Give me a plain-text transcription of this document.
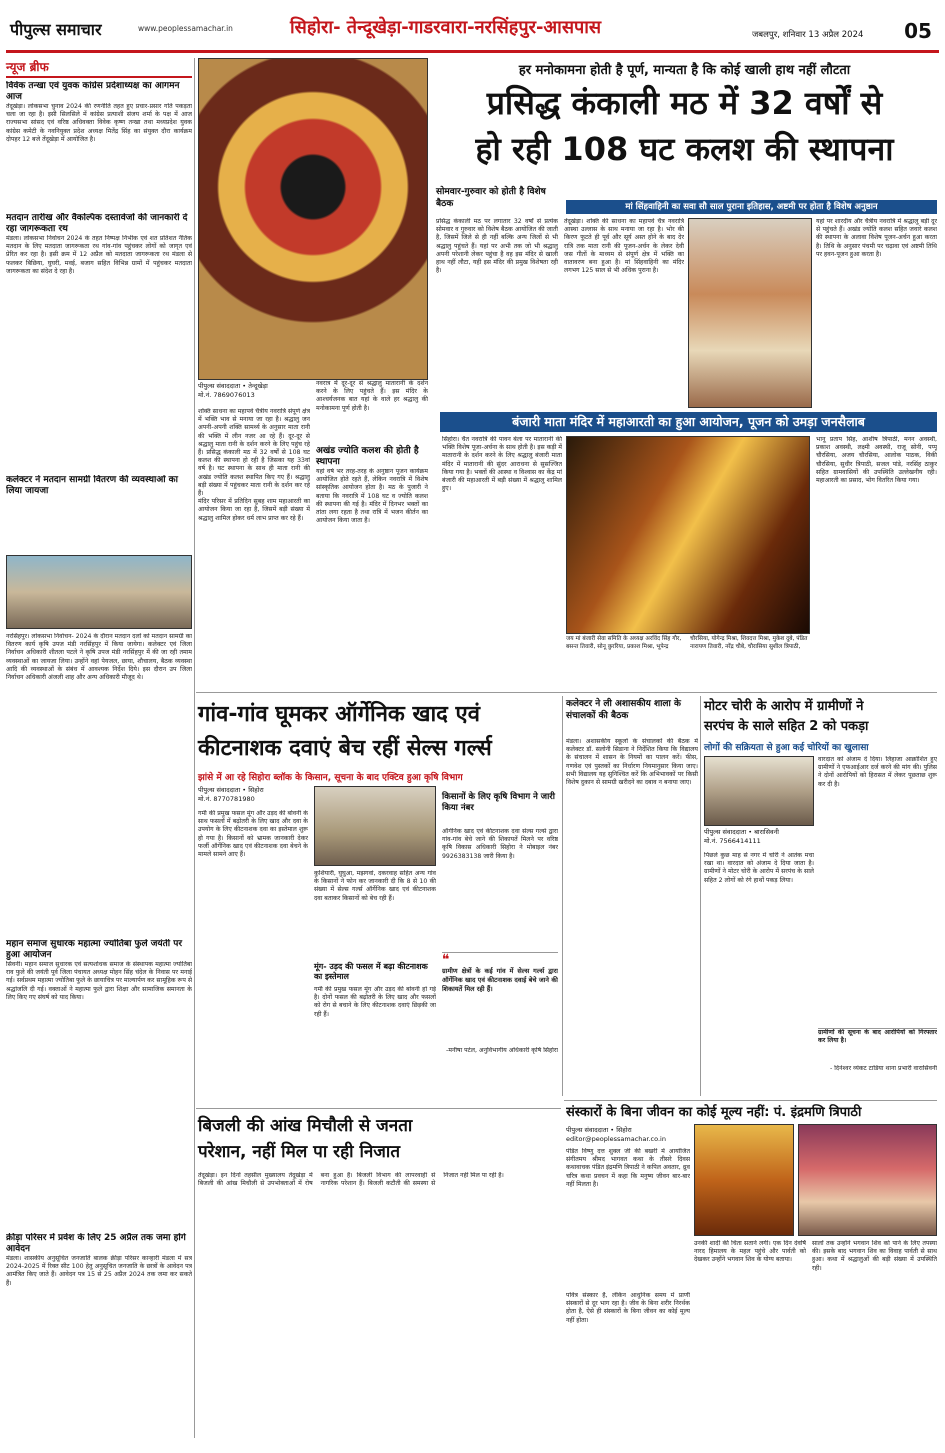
पीपुल्स समाचार	www.peoplessamachar.in	सिहोरा- तेन्दूखेड़ा-गाडरवारा-नरसिंहपुर-आसपास	जबलपुर, शनिवार 13 अप्रैल 2024 05
न्यूज ब्रीफ
विवेक तन्खा एवं युवक कांग्रेस प्रदेशाध्यक्ष का आगमन आज

तेंदूखेड़ा। लोकसभा चुनाव 2024 की रणनीति तहत हुए प्रचार-प्रसार गति पकड़ता चला जा रहा है। इसी सिलसिले में कांग्रेस प्रत्याशी संजय शर्मा के पक्ष में आज राज्यसभा सांसद एवं वरिष्ठ अधिवक्ता विवेक कृष्ण तन्खा तथा मध्यप्रदेश युवक कांग्रेस कमेटी के नवनियुक्त प्रदेश अध्यक्ष मितेंद्र सिंह का संयुक्त दौरा कार्यक्रम दोपहर 12 बजे तेंदूखेड़ा में आयोजित है।

मतदान तारीख और वैकल्पिक दस्तावेजों की जानकारी दे रहा जागरूकता रथ

मंडला। लोकसभा निर्वाचन 2024 के तहत निष्पक्ष निर्भीक एवं शत प्रतिशत नैतिक मतदान के लिए मतदाता जागरूकता रथ गांव-गांव पहुंचकर लोगों को जागृत एवं प्रेरित कर रहा है। इसी क्रम में 12 अप्रैल को मतदाता जागरूकता रथ मंडला से फलकर बिछिया, घुघरी, मवई, बजाग सहित विभिन्न ग्रामों में पहुंचकर मतदाता जागरूकता का संदेश दे रहा है।

कलेक्टर ने मतदान सामग्री वितरण की व्यवस्थाओं का लिया जायजा

नरसिंहपुर। लोकसभा निर्वाचन- 2024 के दौरान मतदान दलों को मतदान सामग्री का वितरण कार्य कृषि उपज मंडी नरसिंहपुर में किया जायेगा। कलेक्टर एवं जिला निर्वाचन अधिकारी शीतला पटले ने कृषि उपज मंडी नरसिंहपुर में की जा रही तमाम व्यवस्थाओं का जायजा लिया। उन्होंने वहां पेयजल, छाया, शौचालय, बैठक व्यवस्था आदि की व्यवस्थाओं के संबंध में आवश्यक निर्देश दिये। इस दौरान उप जिला निर्वाचन अधिकारी अंजली शाह और अन्य अधिकारी मौजूद थे।

महान समाज सुधारक महात्मा ज्योतिबा फुले जयंती पर हुआ आयोजन

सिवनी। महान समाज सुधारक एवं सत्यशोधक समाज के संस्थापक महात्मा ज्योतिबा राव फुले की जयंती पूर्व जिला पंचायत अध्यक्ष मोहन सिंह चंदेल के निवास पर मनाई गई। सर्वप्रथम महात्मा ज्योतिबा फुले के छायाचित्र पर माल्यार्पण कर सामूहिक रूप से श्रद्धांजलि दी गई। वक्ताओं ने महात्मा फुले द्वारा शिक्षा और सामाजिक समानता के लिए किए गए संघर्ष को याद किया।

क्रीड़ा परिसर में प्रवेश के लिए 25 अप्रैल तक जमा होंगे आवेदन

मंडला। शासकीय अनुसूचित जनजाति बालक क्रीड़ा परिसर कान्हारी मंडला में सत्र 2024-2025 में रिक्त सीट 100 हेतु अनुसूचित जनजाति के छात्रों के आवेदन पत्र आमंत्रित किए जाते हैं। आवेदन पत्र 15 से 25 अप्रैल 2024 तक जमा कर सकते हैं।

पीपुल्स संवाददाता • तेन्दूखेड़ा
मो.नं. 7869076013

शक्ति साधना का महापर्व चैत्रीय नवरात्रि संपूर्ण क्षेत्र में भक्ति भाव से मनाया जा रहा है। श्रद्धालु जन अपनी-अपनी शक्ति सामर्थ्य के अनुसार माता रानी की भक्ति में लीन नजर आ रहे हैं। दूर-दूर से श्रद्धालु माता रानी के दर्शन करने के लिए पहुंच रहे हैं। प्रसिद्ध कंकाली मठ में 32 वर्षों से 108 घट कलश की स्थापना हो रही है जिसका यह 33वां वर्ष है। घट स्थापना के साथ ही माता रानी की अखंड ज्योति कलश स्थापित किए गए हैं। श्रद्धालु बड़ी संख्या में पहुंचकर माता रानी के दर्शन कर रहे हैं।

मंदिर परिसर में प्रतिदिन सुबह शाम महाआरती का आयोजन किया जा रहा है, जिसमें बड़ी संख्या में श्रद्धालु शामिल होकर धर्म लाभ प्राप्त कर रहे हैं।

नवरात्र में दूर-दूर से श्रद्धालु मातारानी के दर्शन करने के लिए पहुंचते हैं। इस मंदिर के आश्चर्यजनक बात यहां के वाले हर श्रद्धालु की मनोकामना पूर्ण होती है।
अखंड ज्योति कलश की होती है स्थापना

यहां वर्ष भर तरह-तरह के अनुष्ठान पूजन कार्यक्रम आयोजित होते रहते हैं, लेकिन नवरात्रि में विशेष सांस्कृतिक आयोजन होता है। मठ के पुजारी ने बताया कि नवरात्रि में 108 घट व ज्योति कलश की स्थापना की गई है। मंदिर में दिनभर भक्तों का तांता लगा रहता है तथा रात्रि में भजन कीर्तन का आयोजन किया जाता है।

हर मनोकामना होती है पूर्ण, मान्यता है कि कोई खाली हाथ नहीं लौटता
प्रसिद्ध कंकाली मठ में 32 वर्षों से
हो रही 108 घट कलश की स्थापना
सोमवार-गुरुवार को होती है विशेष बैठक	मां सिंहवाहिनी का सवा सौ साल पुराना इतिहास, अष्टमी पर होता है विशेष अनुष्ठान
प्रसिद्ध कंकाली मठ पर लगातार 32 वर्षों से प्रत्येक सोमवार व गुरुवार को विशेष बैठक आयोजित की जाती है, जिसमें जिले से ही नहीं बल्कि अन्य जिलों से भी श्रद्धालु पहुंचते हैं। यहां पर अभी तक जो भी श्रद्धालु अपनी परेशानी लेकर पहुंचा है वह इस मंदिर से खाली हाथ नहीं लौटा, यही इस मंदिर की प्रमुख विशेषता रही है।
तेंदूखेड़ा। शक्ति की साधना का महापर्व चैत्र नवरात्रि आस्था उल्लास के साथ मनाया जा रहा है। भोर की किरण फूटते ही पूर्व और सूर्य अस्त होने के बाद देर रात्रि तक माता रानी की पूजन-अर्चन के लेकर देवी जस गीतों के माध्यम से संपूर्ण क्षेत्र में भक्ति का वातावरण बना हुआ है। मां सिंहवाहिनी का मंदिर लगभग 125 साल से भी अधिक पुराना है।
यहां पर शारदीय और चैत्रीय नवरात्रि में श्रद्धालु बड़ी दूर से पहुंचते हैं। अखंड ज्योति कलश सहित जवारे कलश की स्थापना के अलावा विशेष पूजन-अर्चन हुआ करता है। तिथि के अनुसार पंचमी पर चढ़ावा एवं अष्टमी तिथि पर हवन-पूजन हुआ करता है।
बंजारी माता मंदिर में महाआरती का हुआ आयोजन, पूजन को उमड़ा जनसैलाब
सिहोरा। चैत नवरात्रि की पावन बेला पर मातारानी की भक्ति विशेष पूजा-अर्चना के साथ होती है। इस कड़ी में मातारानी के दर्शन करने के लिए श्रद्धालु बंजारी माता मंदिर में मातारानी की सुंदर आराधना से सुसज्जित किया गया है। भक्तों की आस्था व विश्वास का केंद्र मां बंजारी की महाआरती में बड़ी संख्या में श्रद्धालु शामिल हुए।
जय मां बंजारी सेवा समिति के अध्यक्ष अरविंद सिंह गौर, बसन्त तिवारी, सोनू कुररिया, प्रकाश मिश्रा, भूपेन्द्र
चौरसिया, योगेन्द्र मिश्रा, शिवदत्त मिश्रा, मुकेश दुबे, पंडित नारायण तिवारी, नरेंद्र चौबे, चौरासिया सुशील त्रिपाठी,
भानू प्रताप सिंह, आशीष त्रिपाठी, मनन अवस्थी, प्रकाश अवस्थी, लक्ष्मी अवस्थी, राजू सोनी, पप्पू चौरसिया, अजय चौरसिया, आलोक पाठक, विकी चौरसिया, सुधीर त्रिपाठी, सजल पांडे, नरसिंह ठाकुर सहित ग्रामवासियों की उपस्थिति उल्लेखनीय रही। महाआरती का प्रसाद, भोग वितरित किया गया।
गांव-गांव घूमकर ऑर्गेनिक खाद एवं
कीटनाशक दवाएं बेच रहीं सेल्स गर्ल्स
झांसे में आ रहे सिहोरा ब्लॉक के किसान, सूचना के बाद एक्टिव हुआ कृषि विभाग
पीपुल्स संवाददाता • सिहोरा
मो.नं. 8770781980
गर्मी की प्रमुख फसल मूंग और उड़द की बोवनी के साथ फसलों में बढ़ोतरी के लिए खाद और दवा के उपयोग के लिए कीटनाशक दवा का इस्तेमाल शुरू हो गया है। किसानों को भ्रामक जानकारी देकर फर्जी ऑर्गेनिक खाद एवं कीटनाशक दवा बेचने के मामले सामने आए हैं।
कुशियारी, घुघुआ, मझगवां, दकरवाह सहित अन्य गांव के किसानों ने फोन कर जानकारी दी कि 8 से 10 की संख्या में सेल्स गर्ल्स ऑर्गेनिक खाद एवं कीटनाशक दवा बताकर किसानों को बेच रही हैं।
मूंग- उड़द की फसल में बढ़ा कीटनाशक का इस्तेमाल
गर्मी की प्रमुख फसल मूंग और उड़द की बोवनी हो गई है। दोनों फसल की बढ़ोतरी के लिए खाद और फसलों को रोग से बचाने के लिए कीटनाशक दवाएं छिड़की जा रही हैं।
किसानों के लिए कृषि विभाग ने जारी किया नंबर
ऑर्गेनिक खाद एवं कीटनाशक दवा सेल्स गर्ल्स द्वारा गांव-गांव बेचे जाने की शिकायतें मिलने पर वरिष्ठ कृषि विकास अधिकारी सिहोरा ने मोबाइल नंबर 9926383138 जारी किया है।
❝
ग्रामीण क्षेत्रों के कई गांव में सेल्स गर्ल्स द्वारा ऑर्गेनिक खाद एवं कीटनाशक दवाई बेचे जाने की शिकायतें मिल रही हैं।
-मनीषा पटेल, अनुविभागीय अधिकारी कृषि सिहोरा
बिजली की आंख मिचौली से जनता
परेशान, नहीं मिल पा रही निजात
तेंदूखेड़ा। इन दिनों तहसील मुख्यालय तेंदूखेड़ा में बिजली की आंख मिचौली से उपभोक्ताओं में रोष बना हुआ है। बिजली विभाग की लापरवाही से नागरिक परेशान हैं। बिजली कटौती की समस्या से निजात नहीं मिल पा रही है।
कलेक्टर ने ली अशासकीय शाला के संचालकों की बैठक
मंडला। अशासकीय स्कूलों के संचालकों की बैठक में कलेक्टर डॉ. सलोनी सिडाना ने निर्देशित किया कि विद्यालय के संचालन में शासन के नियमों का पालन करें। फीस, गणवेश एवं पुस्तकों का निर्धारण नियमानुसार किया जाए। सभी विद्यालय यह सुनिश्चित करें कि अभिभावकों पर किसी विशेष दुकान से सामग्री खरीदने का दबाव न बनाया जाए।
मोटर चोरी के आरोप में ग्रामीणों ने
सरपंच के साले सहित 2 को पकड़ा
लोगों की सक्रियता से हुआ कई चोरियों का खुलासा
पीपुल्स संवाददाता • बारासिवनी
मो.नं. 7566414111
पिछले कुछ माह से नगर में चोरी ने आतंक मचा रखा था। वारदात को अंजाम दे दिया जाता है। ग्रामीणों ने मोटर चोरी के आरोप में सरपंच के साले सहित 2 लोगों को रंगे हाथों पकड़ लिया।
वारदात को अंजाम दे दिया। लिहाजा आक्रोशित हुए ग्रामीणों ने एफआईआर दर्ज करने की मांग की। पुलिस ने दोनों आरोपियों को हिरासत में लेकर पूछताछ शुरू कर दी है।
ग्रामीणों की सूचना के बाद आरोपियों को गिरफ्तार कर लिया है।
- दिनेश्वर व्यंकट टाडिया थाना प्रभारी वारासिवनी
संस्कारों के बिना जीवन का कोई मूल्य नहीं: पं. इंद्रमणि त्रिपाठी
पीपुल्स संवाददाता • सिहोरा
editor@peoplessamachar.co.in
पंडित विष्णु दत्त शुक्ल जी की बखरी में आयोजित संगीतमय श्रीमद भागवत कथा के तीसरे दिवस कथावाचक पंडित इंद्रमणि त्रिपाठी ने कपिल अवतार, ध्रुव चरित्र कथा प्रवचन में कहा कि मनुष्य जीवन बार-बार नहीं मिलता है।
पवित्र संस्कार है, लेकिन आधुनिक समय में प्राणी संस्कारों से दूर भाग रहा है। जीव के बिना शरीर निरर्थक होता है, ऐसे ही संस्कारों के बिना जीवन का कोई मूल्य नहीं होता।
उनकी शादी की चिंता सताने लगी। एक दिन देवर्षि नारद हिमालय के महल पहुंचे और पार्वती को देखकर उन्होंने भगवान शिव के योग्य बताया।
सालों तक उन्होंने भगवान शिव को पाने के लिए तपस्या की। इसके बाद भगवान शिव का विवाह पार्वती से साथ हुआ। कथा में श्रद्धालुओं की बड़ी संख्या में उपस्थिति रही।
